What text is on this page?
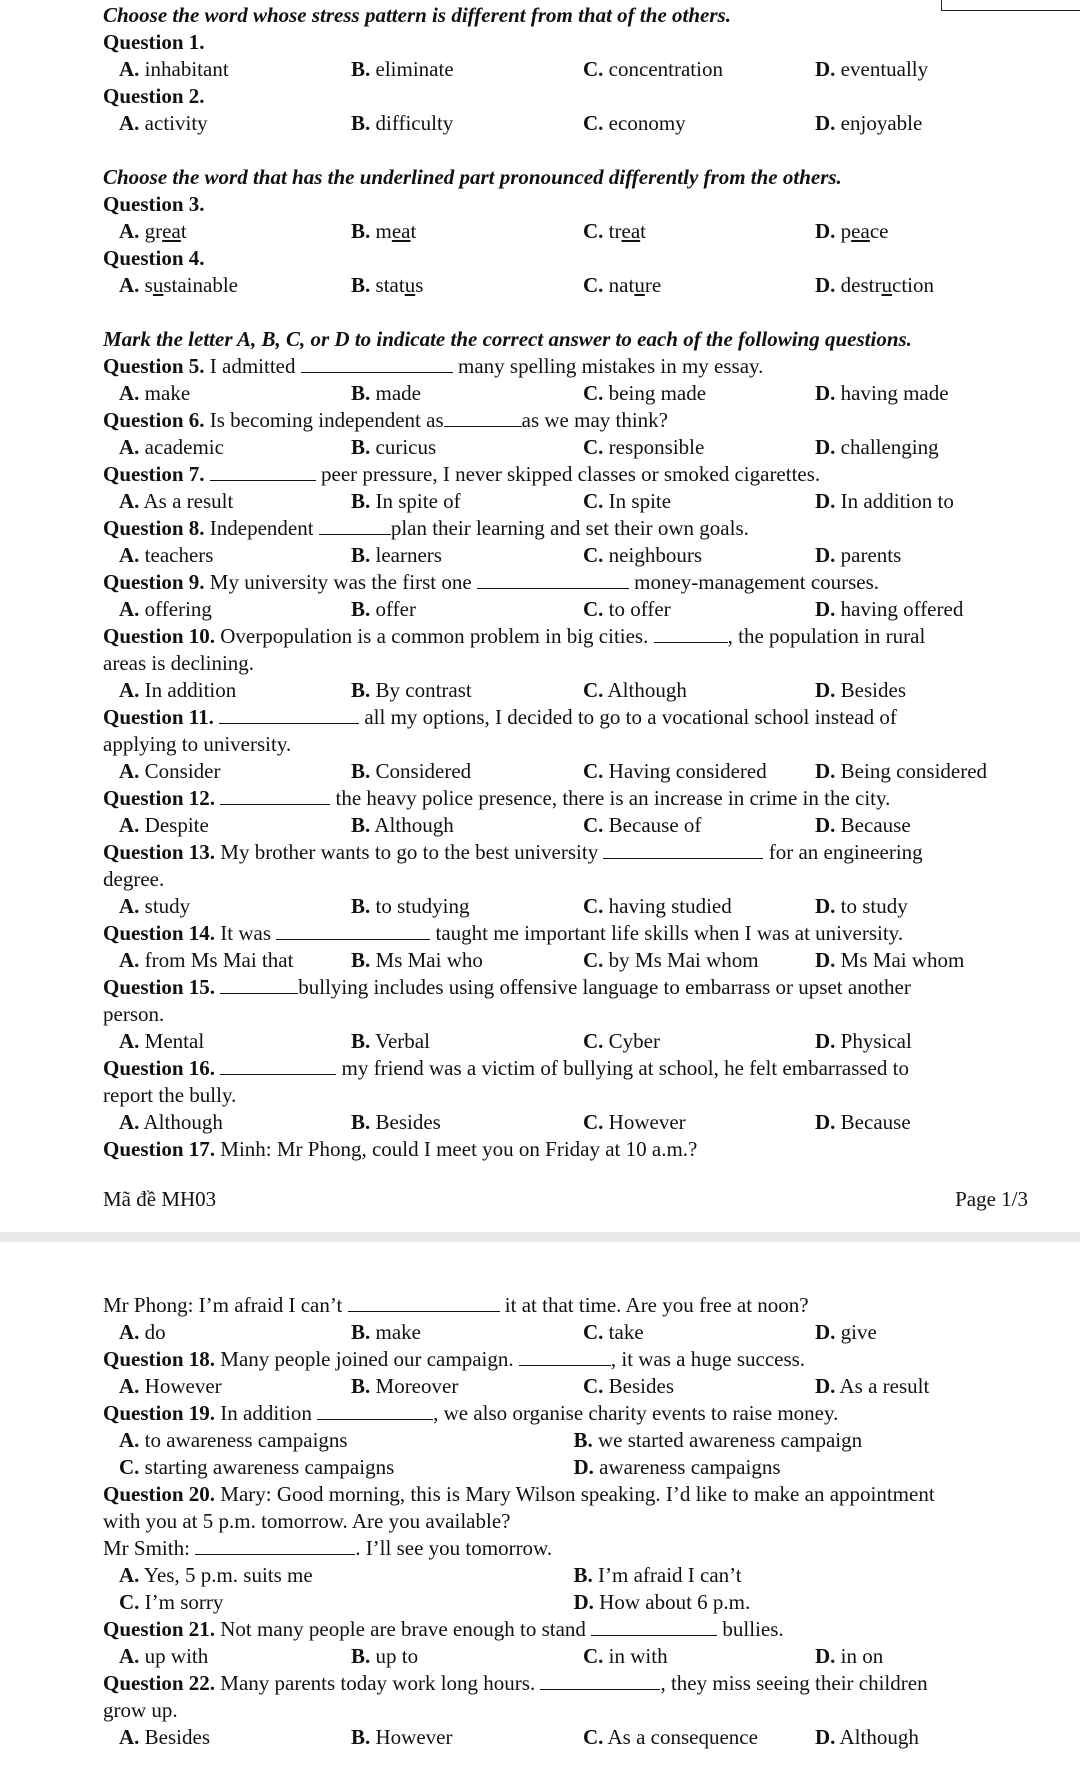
Choose the word whose stress pattern is different from that of the others.
Question 1.
A. inhabitant	B. eliminate	C. concentration	D. eventually
Question 2.
A. activity	B. difficulty	C. economy	D. enjoyable
Choose the word that has the underlined part pronounced differently from the others.
Question 3.
A. great	B. meat	C. treat	D. peace
Question 4.
A. sustainable	B. status	C. nature	D. destruction
Mark the letter A, B, C, or D to indicate the correct answer to each of the following questions.
Question 5. I admitted	many spelling mistakes in my essay.
A. make	B. made	C. being made	D. having made
Question 6. Is becoming independent as	as we may think?
A. academic	B. curicus	C. responsible	D. challenging
Question 7.	peer pressure, I never skipped classes or smoked cigarettes.
A. As a result	B. In spite of	C. In spite	D. In addition to
Question 8. Independent	plan their learning and set their own goals.
A. teachers	B. learners	C. neighbours	D. parents
Question 9. My university was the first one	money-management courses.
A. offering	B. offer	C. to offer	D. having offered
Question 10. Overpopulation is a common problem in big cities.	, the population in rural
areas is declining.
A. In addition	B. By contrast	C. Although	D. Besides
Question 11.	all my options, I decided to go to a vocational school instead of
applying to university.
A. Consider	B. Considered	C. Having considered	D. Being considered
Question 12.	the heavy police presence, there is an increase in crime in the city.
A. Despite	B. Although	C. Because of	D. Because
Question 13. My brother wants to go to the best university	for an engineering
degree.
A. study	B. to studying	C. having studied	D. to study
Question 14. It was	taught me important life skills when I was at university.
A. from Ms Mai that	B. Ms Mai who	C. by Ms Mai whom	D. Ms Mai whom
Question 15.	bullying includes using offensive language to embarrass or upset another
person.
A. Mental	B. Verbal	C. Cyber	D. Physical
Question 16.	my friend was a victim of bullying at school, he felt embarrassed to
report the bully.
A. Although	B. Besides	C. However	D. Because
Question 17. Minh: Mr Phong, could I meet you on Friday at 10 a.m.?
Mã đề MH03	Page 1/3
Mr Phong: I’m afraid I can’t	it at that time. Are you free at noon?
A. do	B. make	C. take	D. give
Question 18. Many people joined our campaign.	, it was a huge success.
A. However	B. Moreover	C. Besides	D. As a result
Question 19. In addition	, we also organise charity events to raise money.
A. to awareness campaigns	B. we started awareness campaign
C. starting awareness campaigns	D. awareness campaigns
Question 20. Mary: Good morning, this is Mary Wilson speaking. I’d like to make an appointment
with you at 5 p.m. tomorrow. Are you available?
Mr Smith:	. I’ll see you tomorrow.
A. Yes, 5 p.m. suits me	B. I’m afraid I can’t
C. I’m sorry	D. How about 6 p.m.
Question 21. Not many people are brave enough to stand	bullies.
A. up with	B. up to	C. in with	D. in on
Question 22. Many parents today work long hours.	, they miss seeing their children
grow up.
A. Besides	B. However	C. As a consequence	D. Although
